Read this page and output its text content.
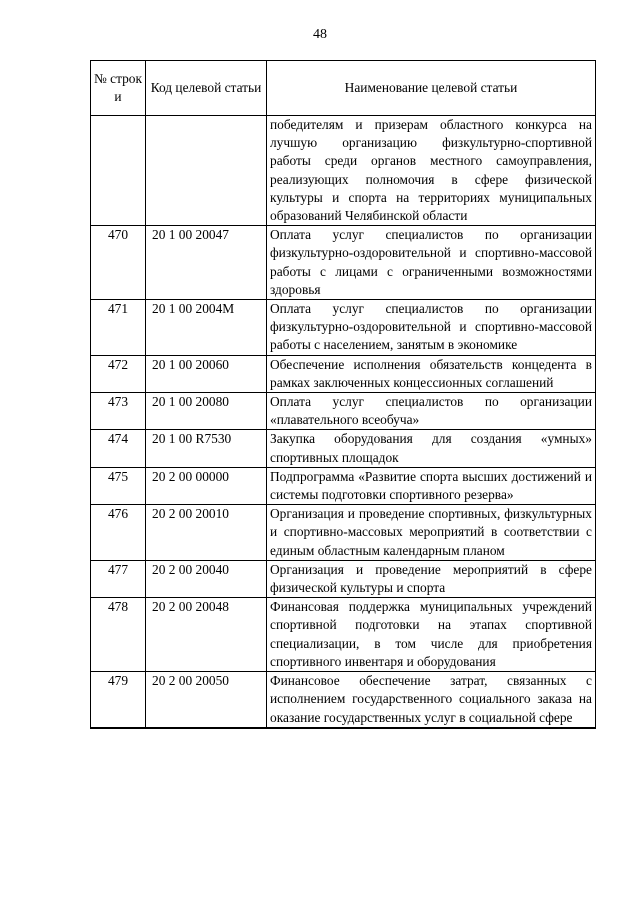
48
№ строк и	Код целевой статьи	Наименование целевой статьи
		победителям и призерам областного конкурса на лучшую организацию физкультурно-спортивной работы среди органов местного самоуправления, реализующих полномочия в сфере физической культуры и спорта на территориях муниципальных образований Челябинской области
470	20 1 00 20047	Оплата услуг специалистов по организации физкультурно-оздоровительной и спортивно-массовой работы с лицами с ограниченными возможностями здоровья
471	20 1 00 2004М	Оплата услуг специалистов по организации физкультурно-оздоровительной и спортивно-массовой работы с населением, занятым в экономике
472	20 1 00 20060	Обеспечение исполнения обязательств концедента в рамках заключенных концессионных соглашений
473	20 1 00 20080	Оплата услуг специалистов по организации «плавательного всеобуча»
474	20 1 00 R7530	Закупка оборудования для создания «умных» спортивных площадок
475	20 2 00 00000	Подпрограмма «Развитие спорта высших достижений и системы подготовки спортивного резерва»
476	20 2 00 20010	Организация и проведение спортивных, физкультурных и спортивно-массовых мероприятий в соответствии с единым областным календарным планом
477	20 2 00 20040	Организация и проведение мероприятий в сфере физической культуры и спорта
478	20 2 00 20048	Финансовая поддержка муниципальных учреждений спортивной подготовки на этапах спортивной специализации, в том числе для приобретения спортивного инвентаря и оборудования
479	20 2 00 20050	Финансовое обеспечение затрат, связанных с исполнением государственного социального заказа на оказание государственных услуг в социальной сфере
